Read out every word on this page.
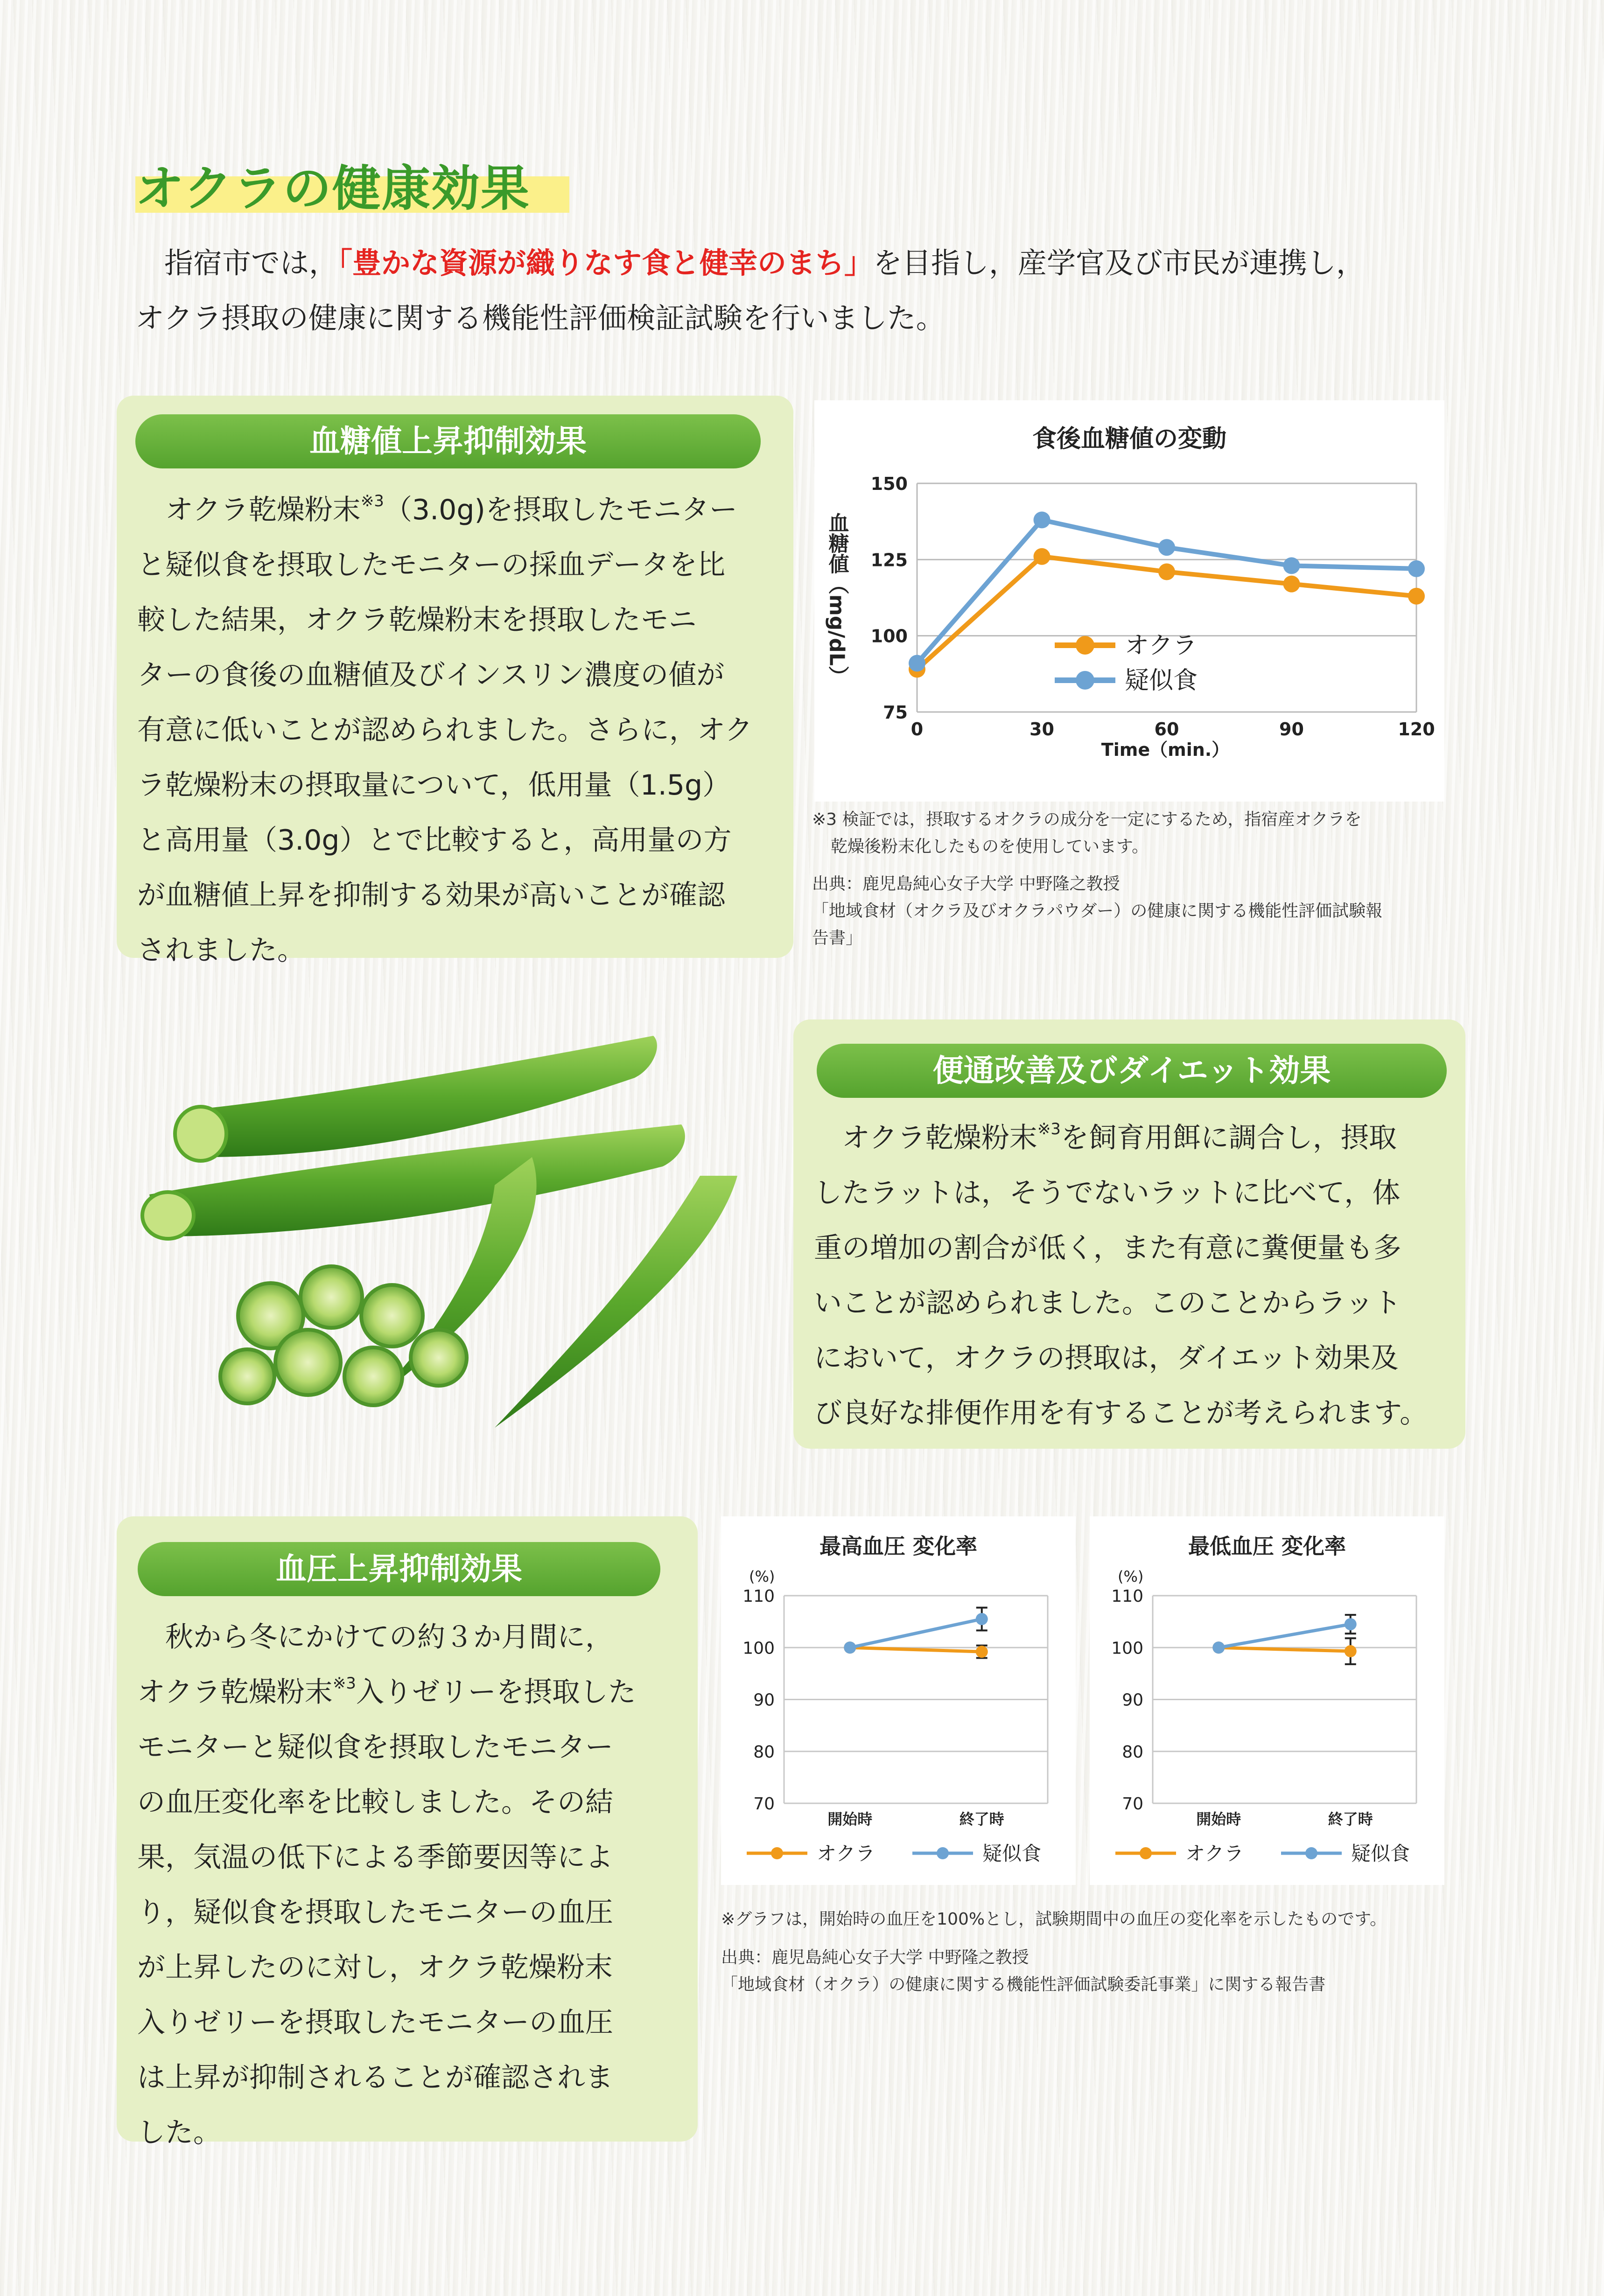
オクラの健康効果
指宿市では，「豊かな資源が織りなす食と健幸のまち」を目指し，産学官及び市民が連携し，
オクラ摂取の健康に関する機能性評価検証試験を行いました。
血糖値上昇抑制効果

オクラ乾燥粉末$^{※3}$（3.0g)を摂取したモニター

と疑似食を摂取したモニターの採血データを比

較した結果，オクラ乾燥粉末を摂取したモニ

ターの食後の血糖値及びインスリン濃度の値が

有意に低いことが認められました。さらに，オク

ラ乾燥粉末の摂取量について，低用量（1.5g）

と高用量（3.0g）とで比較すると，高用量の方

が血糖値上昇を抑制する効果が高いことが確認

されました。

食後血糖値の変動
血糖値（mg/dL）
75
100
125
150
0	30	60	90	120
オクラ
疑似食
Time（min.）
※3 検証では，摂取するオクラの成分を一定にするため，指宿産オクラを
乾燥後粉末化したものを使用しています。
出典：鹿児島純心女子大学 中野隆之教授
「地域食材（オクラ及びオクラパウダー）の健康に関する機能性評価試験報
告書」
便通改善及びダイエット効果

オクラ乾燥粉末$^{※3}$を飼育用餌に調合し，摂取

したラットは，そうでないラットに比べて，体

重の増加の割合が低く，また有意に糞便量も多

いことが認められました。このことからラット

において，オクラの摂取は，ダイエット効果及

び良好な排便作用を有することが考えられます。

血圧上昇抑制効果

秋から冬にかけての約３か月間に，

オクラ乾燥粉末$^{※3}$入りゼリーを摂取した

モニターと疑似食を摂取したモニター

の血圧変化率を比較しました。その結

果，気温の低下による季節要因等によ

り，疑似食を摂取したモニターの血圧

が上昇したのに対し，オクラ乾燥粉末

入りゼリーを摂取したモニターの血圧

は上昇が抑制されることが確認されま

した。

最高血圧 変化率
(%)
70
80
90
100
110
開始時	終了時
オクラ	疑似食
最低血圧 変化率
(%)
70
80
90
100
110
開始時	終了時
オクラ	疑似食
※グラフは，開始時の血圧を100%とし，試験期間中の血圧の変化率を示したものです。
出典：鹿児島純心女子大学 中野隆之教授
「地域食材（オクラ）の健康に関する機能性評価試験委託事業」に関する報告書
